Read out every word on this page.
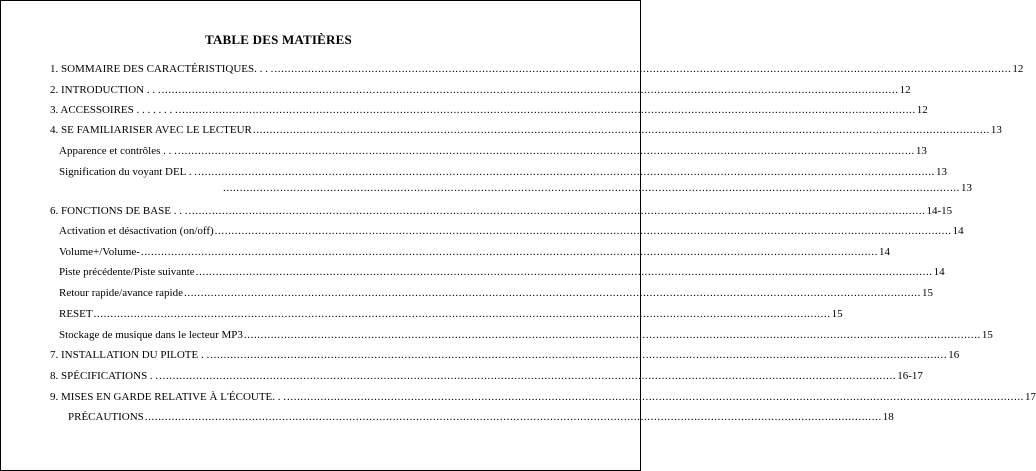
TABLE DES MATIÈRES
1. SOMMAIRE DES CARACTÉRISTIQUES. . . . ............................................................................................................................................................................................................................ 12
2. INTRODUCTION . . . ............................................................................................................................................................................................................................ 12
3. ACCESSOIRES . . . . . . . . ............................................................................................................................................................................................................................ 12
4. SE FAMILIARISER AVEC LE LECTEUR ............................................................................................................................................................................................................................ 13
Apparence et contrôles . . . ............................................................................................................................................................................................................................ 13
Signification du voyant DEL . . ............................................................................................................................................................................................................................ 13
............................................................................................................................................................................................................................ 13
6. FONCTIONS DE BASE . . . ............................................................................................................................................................................................................................ 14-15
Activation et désactivation (on/off) ............................................................................................................................................................................................................................ 14
Volume+/Volume- ............................................................................................................................................................................................................................ 14
Piste précédente/Piste suivante ............................................................................................................................................................................................................................ 14
Retour rapide/avance rapide ............................................................................................................................................................................................................................ 15
RESET ............................................................................................................................................................................................................................ 15
Stockage de musique dans le lecteur MP3 ............................................................................................................................................................................................................................ 15
7. INSTALLATION DU PILOTE . . ............................................................................................................................................................................................................................ 16
8. SPÉCIFICATIONS . . ............................................................................................................................................................................................................................ 16-17
9. MISES EN GARDE RELATIVE À L'ÉCOUTE. . . ............................................................................................................................................................................................................................ 17
PRÉCAUTIONS ............................................................................................................................................................................................................................ 18
